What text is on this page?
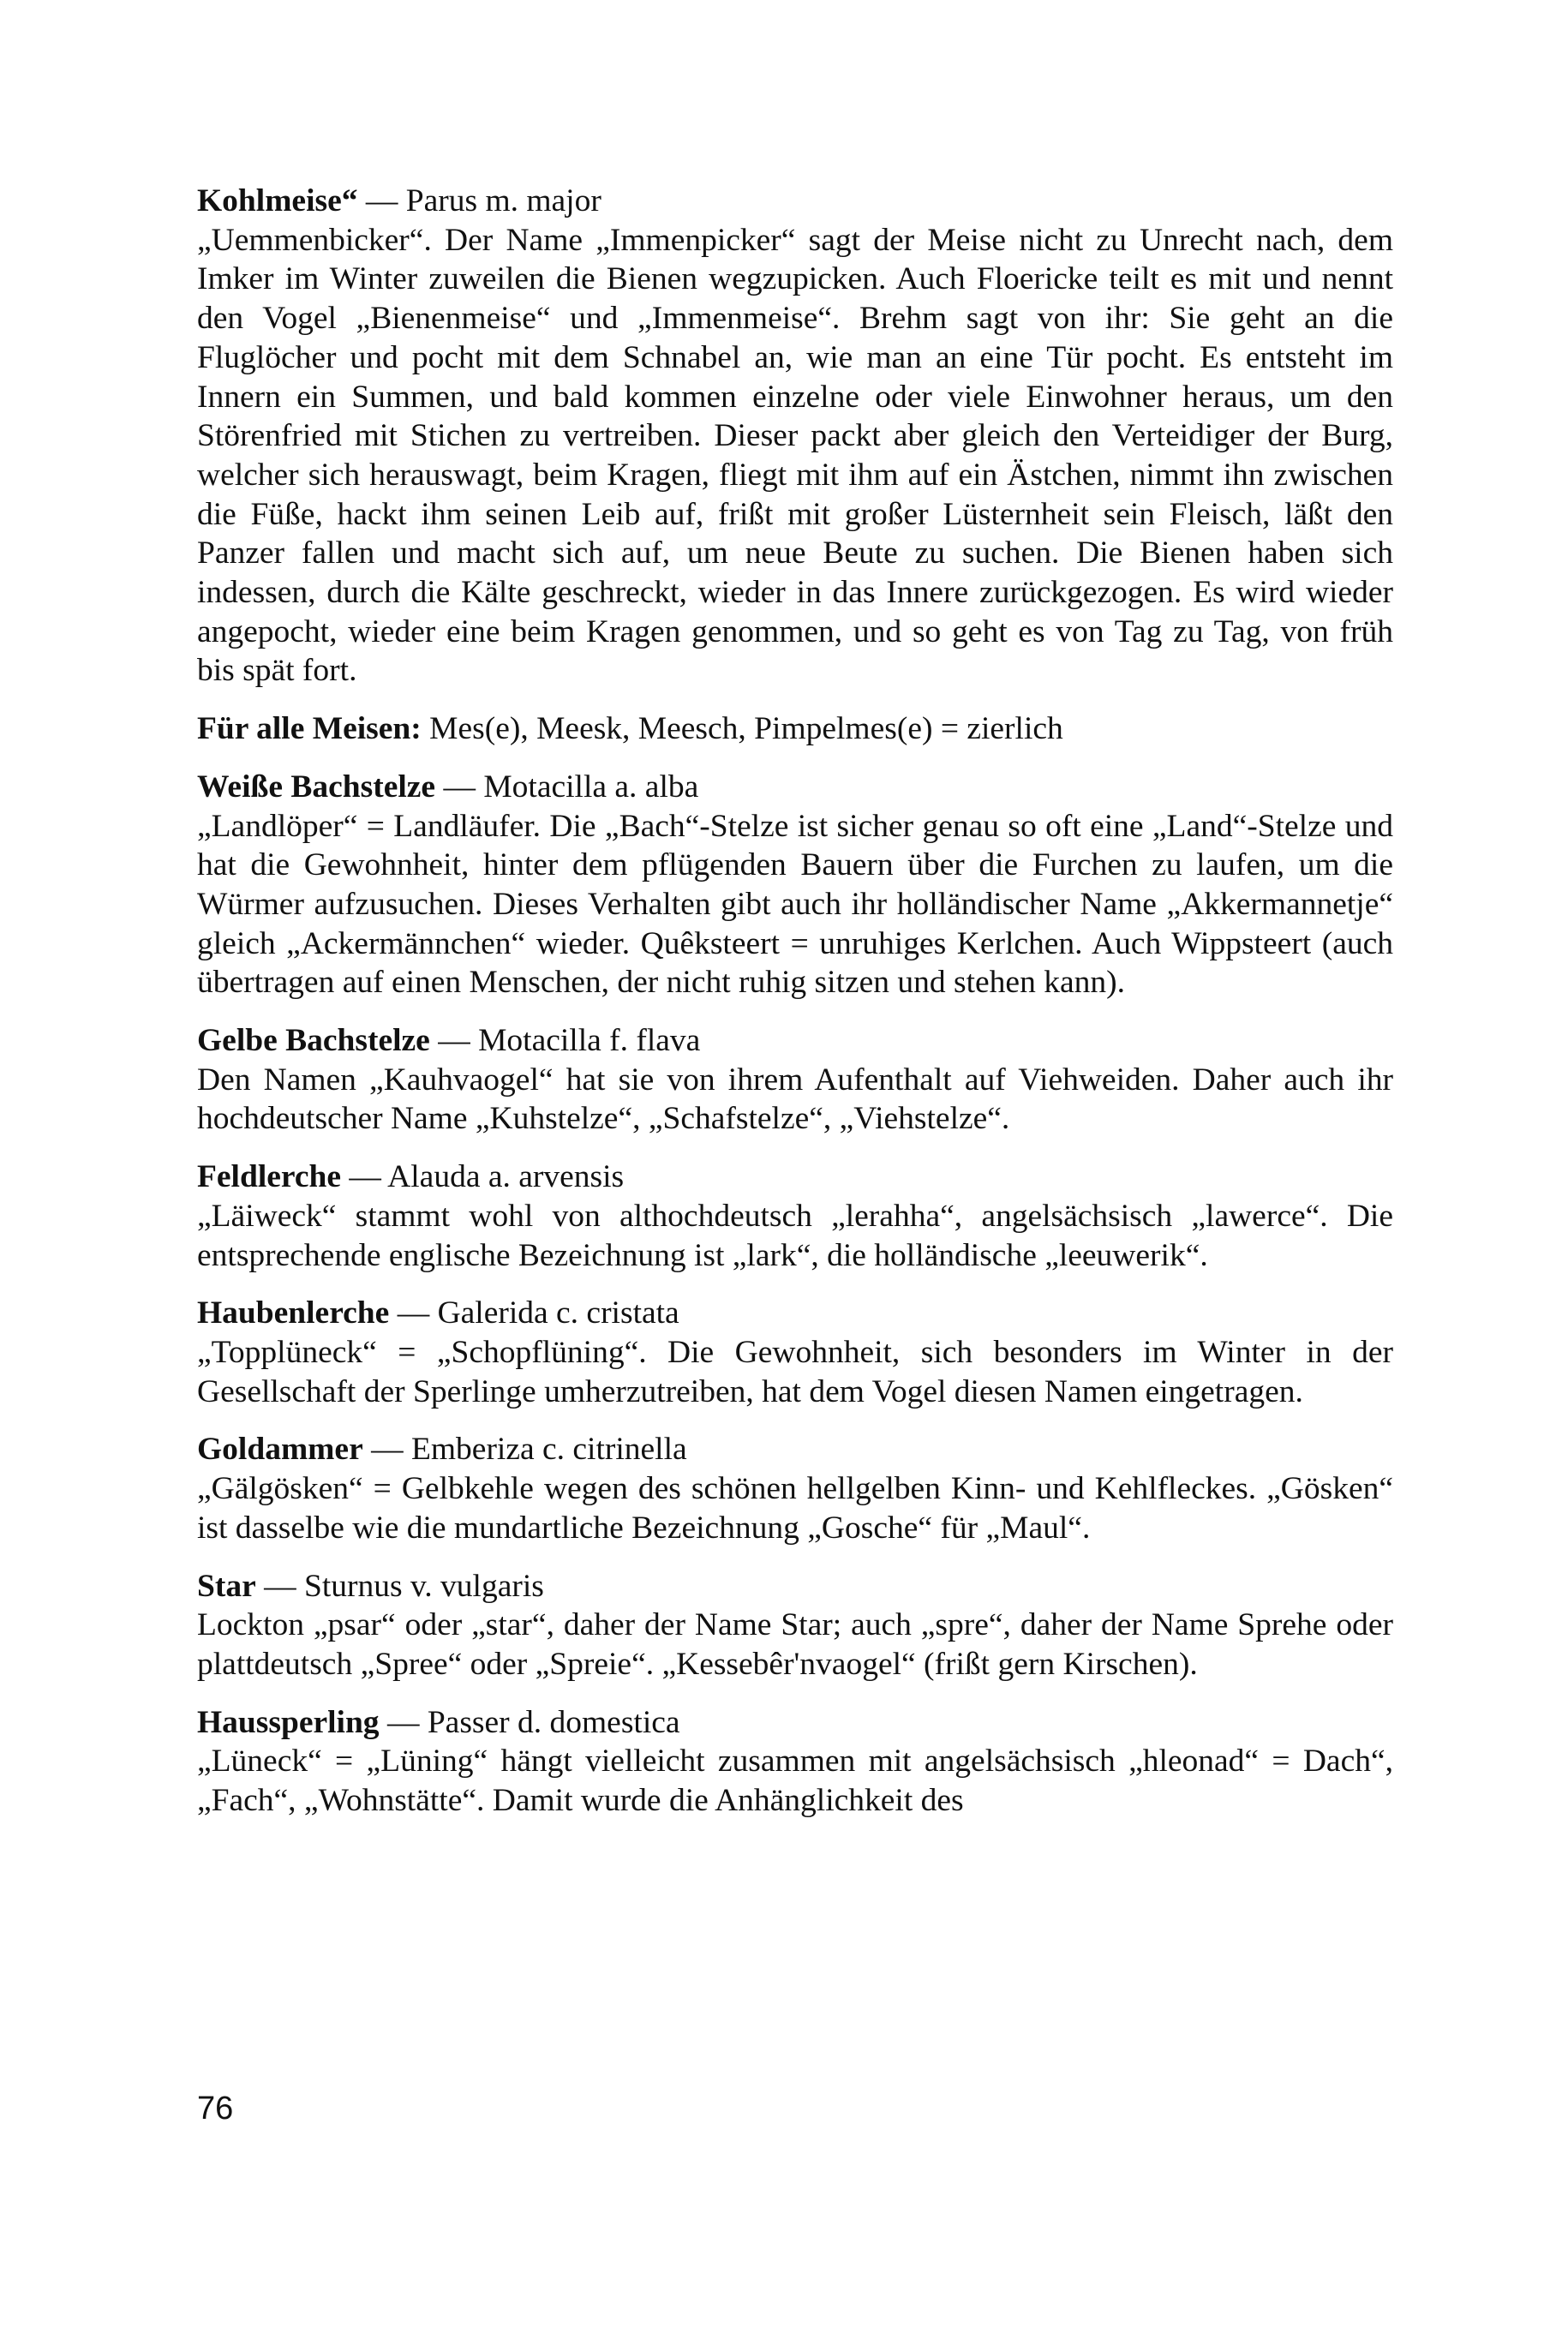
Kohlmeise“ — Parus m. major

„Uemmenbicker“. Der Name „Immenpicker“ sagt der Meise nicht zu Unrecht nach, dem Imker im Winter zuweilen die Bienen wegzupicken. Auch Floericke teilt es mit und nennt den Vogel „Bienenmeise“ und „Immenmeise“. Brehm sagt von ihr: Sie geht an die Fluglöcher und pocht mit dem Schnabel an, wie man an eine Tür pocht. Es entsteht im Innern ein Summen, und bald kommen einzelne oder viele Einwohner heraus, um den Störenfried mit Stichen zu vertreiben. Dieser packt aber gleich den Verteidiger der Burg, welcher sich herauswagt, beim Kragen, fliegt mit ihm auf ein Ästchen, nimmt ihn zwischen die Füße, hackt ihm seinen Leib auf, frißt mit großer Lüsternheit sein Fleisch, läßt den Panzer fallen und macht sich auf, um neue Beute zu suchen. Die Bienen haben sich indessen, durch die Kälte geschreckt, wieder in das Innere zurückgezogen. Es wird wieder angepocht, wieder eine beim Kragen genommen, und so geht es von Tag zu Tag, von früh bis spät fort.

Für alle Meisen: Mes(e), Meesk, Meesch, Pimpelmes(e) = zierlich

Weiße Bachstelze — Motacilla a. alba

„Landlöper“ = Landläufer. Die „Bach“-Stelze ist sicher genau so oft eine „Land“-Stelze und hat die Gewohnheit, hinter dem pflügenden Bauern über die Furchen zu laufen, um die Würmer aufzusuchen. Dieses Verhalten gibt auch ihr holländischer Name „Akkermannetje“ gleich „Ackermännchen“ wieder. Quêksteert = unruhiges Kerlchen. Auch Wippsteert (auch übertragen auf einen Menschen, der nicht ruhig sitzen und stehen kann).

Gelbe Bachstelze — Motacilla f. flava

Den Namen „Kauhvaogel“ hat sie von ihrem Aufenthalt auf Viehweiden. Daher auch ihr hochdeutscher Name „Kuhstelze“, „Schafstelze“, „Viehstelze“.

Feldlerche — Alauda a. arvensis

„Läiweck“ stammt wohl von althochdeutsch „lerahha“, angelsächsisch „lawerce“. Die entsprechende englische Bezeichnung ist „lark“, die holländische „leeuwerik“.

Haubenlerche — Galerida c. cristata

„Topplüneck“ = „Schopflüning“. Die Gewohnheit, sich besonders im Winter in der Gesellschaft der Sperlinge umherzutreiben, hat dem Vogel diesen Namen eingetragen.

Goldammer — Emberiza c. citrinella

„Gälgösken“ = Gelbkehle wegen des schönen hellgelben Kinn- und Kehlfleckes. „Gösken“ ist dasselbe wie die mundartliche Bezeichnung „Gosche“ für „Maul“.

Star — Sturnus v. vulgaris

Lockton „psar“ oder „star“, daher der Name Star; auch „spre“, daher der Name Sprehe oder plattdeutsch „Spree“ oder „Spreie“. „Kessebêr'nvaogel“ (frißt gern Kirschen).

Haussperling — Passer d. domestica

„Lüneck“ = „Lüning“ hängt vielleicht zusammen mit angelsächsisch „hleonad“ = Dach“, „Fach“, „Wohnstätte“. Damit wurde die Anhänglichkeit des

76
